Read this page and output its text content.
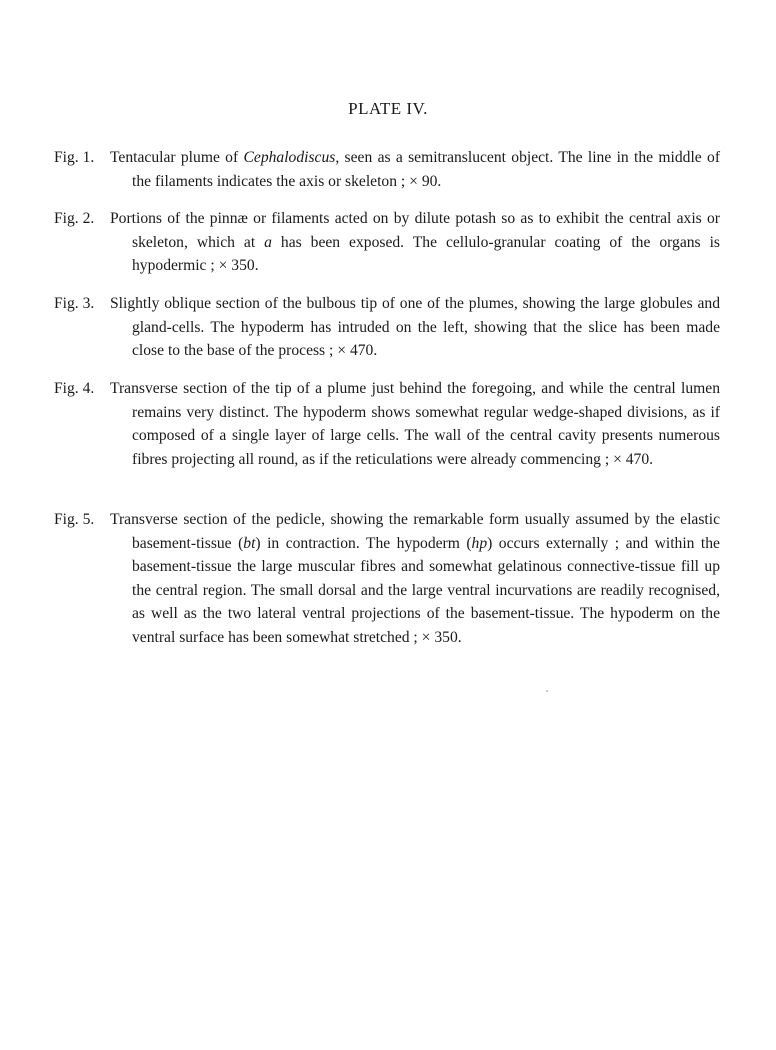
PLATE IV.

Fig. 1. Tentacular plume of Cephalodiscus, seen as a semitranslucent object. The line in the middle of the filaments indicates the axis or skeleton ; × 90.

Fig. 2. Portions of the pinnæ or filaments acted on by dilute potash so as to exhibit the central axis or skeleton, which at a has been exposed. The cellulo-granular coating of the organs is hypodermic ; × 350.

Fig. 3. Slightly oblique section of the bulbous tip of one of the plumes, showing the large globules and gland-cells. The hypoderm has intruded on the left, showing that the slice has been made close to the base of the process ; × 470.

Fig. 4. Transverse section of the tip of a plume just behind the foregoing, and while the central lumen remains very distinct. The hypoderm shows somewhat regular wedge-shaped divisions, as if composed of a single layer of large cells. The wall of the central cavity presents numerous fibres projecting all round, as if the reticulations were already commencing ; × 470.

Fig. 5. Transverse section of the pedicle, showing the remarkable form usually assumed by the elastic basement-tissue (bt) in contraction. The hypoderm (hp) occurs externally ; and within the basement-tissue the large muscular fibres and somewhat gelatinous connective-tissue fill up the central region. The small dorsal and the large ventral incurvations are readily recognised, as well as the two lateral ventral projections of the basement-tissue. The hypoderm on the ventral surface has been somewhat stretched ; × 350.
